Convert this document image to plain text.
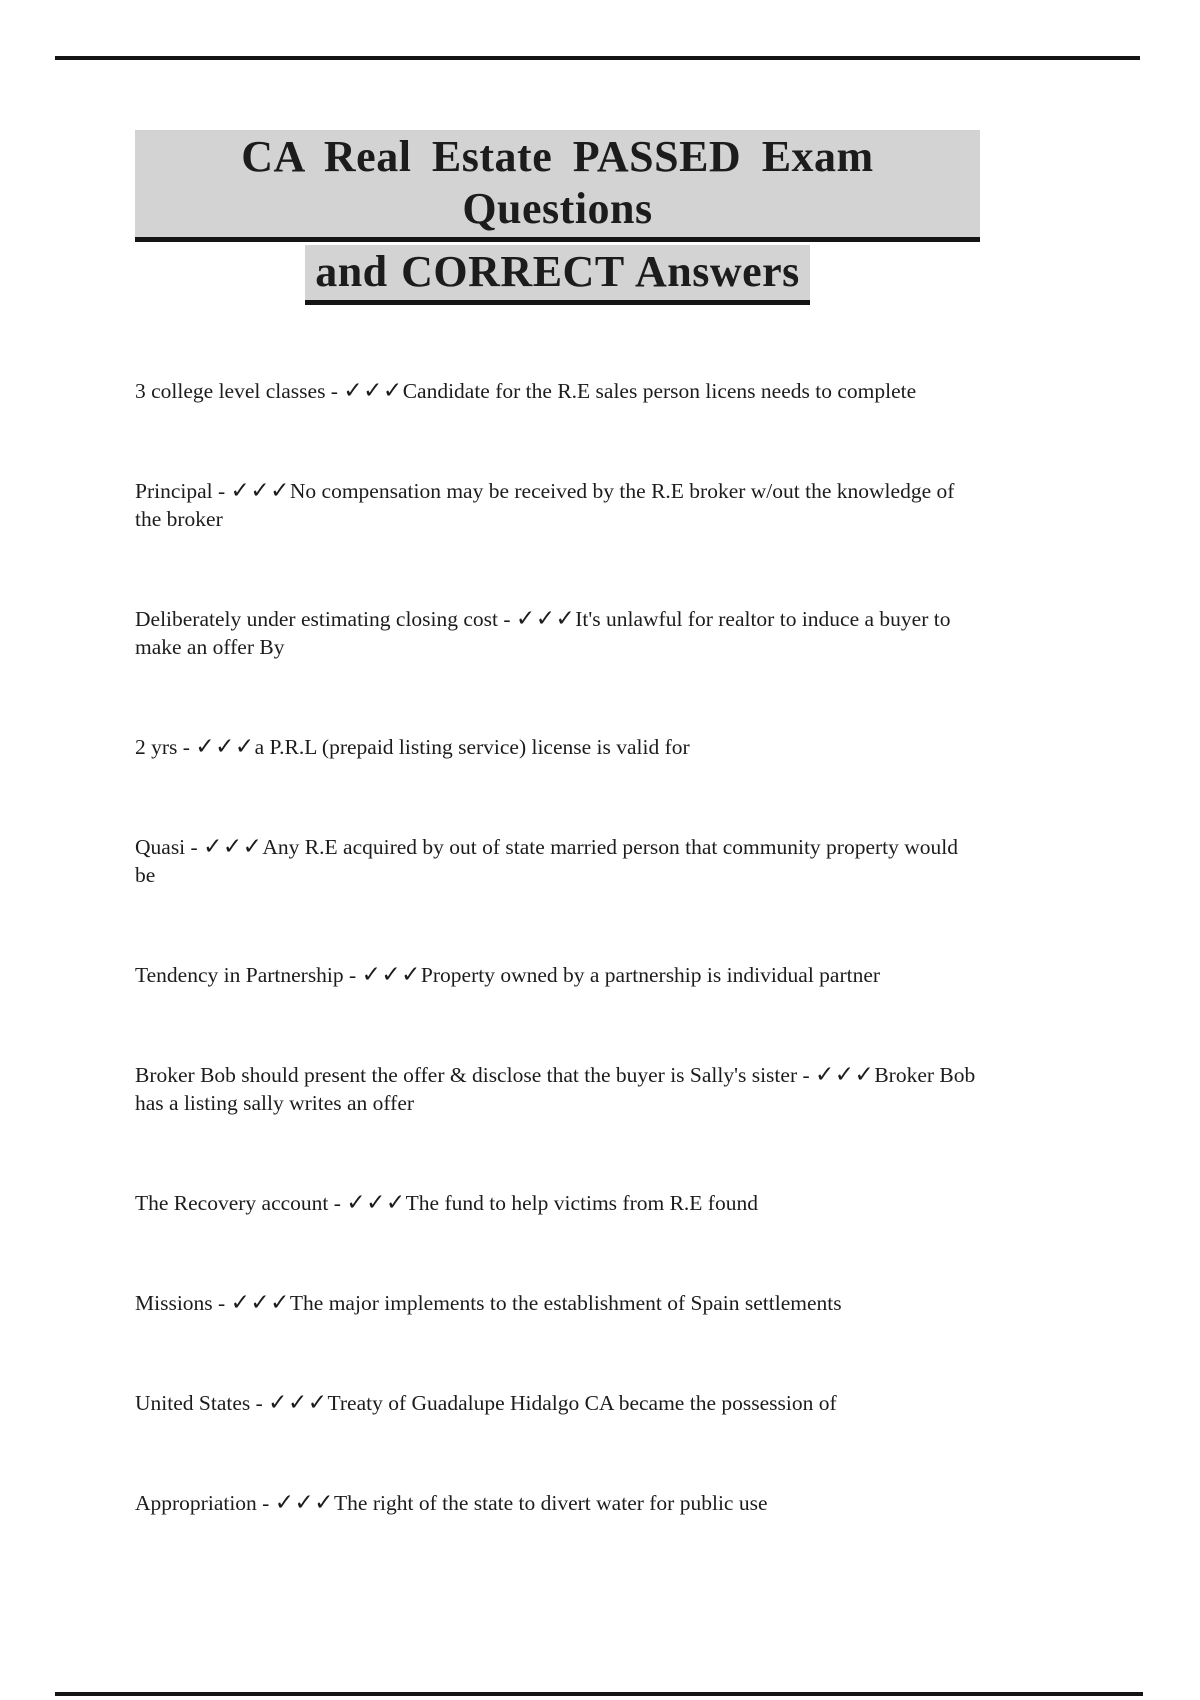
CA Real Estate PASSED Exam Questions
and CORRECT Answers

3 college level classes - ✓✓✓Candidate for the R.E sales person licens needs to complete

Principal - ✓✓✓No compensation may be received by the R.E broker w/out the knowledge of the broker

Deliberately under estimating closing cost - ✓✓✓It's unlawful for realtor to induce a buyer to make an offer By

2 yrs - ✓✓✓a P.R.L (prepaid listing service) license is valid for

Quasi - ✓✓✓Any R.E acquired by out of state married person that community property would be

Tendency in Partnership - ✓✓✓Property owned by a partnership is individual partner

Broker Bob should present the offer & disclose that the buyer is Sally's sister - ✓✓✓Broker Bob has a listing sally writes an offer

The Recovery account - ✓✓✓The fund to help victims from R.E found

Missions - ✓✓✓The major implements to the establishment of Spain settlements

United States - ✓✓✓Treaty of Guadalupe Hidalgo CA became the possession of

Appropriation - ✓✓✓The right of the state to divert water for public use
